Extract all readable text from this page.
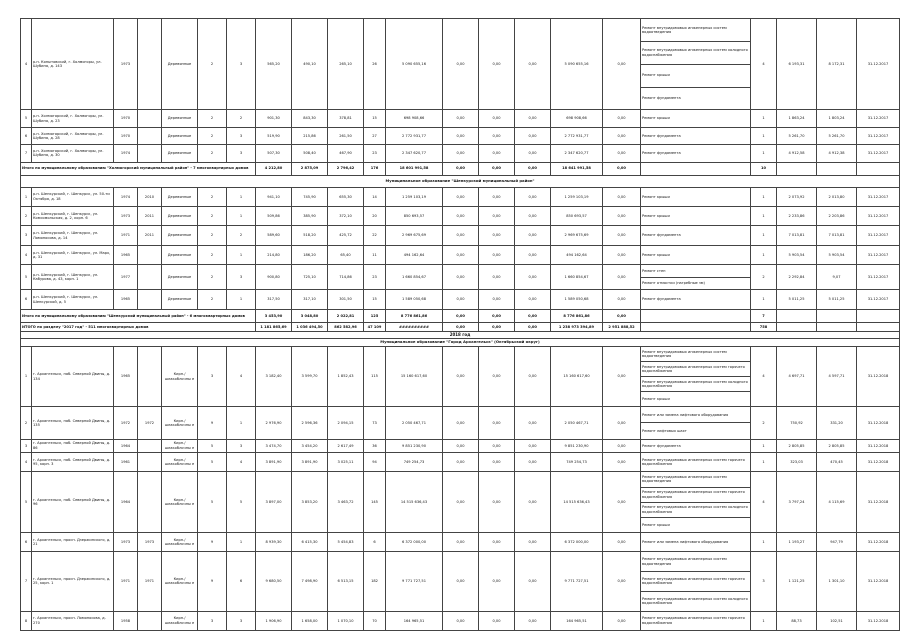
4	р.п. Копытовский, г. Холмогоры, ул. Шубина, д. 143	1973		Деревянные	2	3	565,20	490,10	265,10	26	5 090 655,16	0,00	0,00	0,00	5 090 655,16	0,00	Ремонт внутридомовых инженерных систем водоотведения
Ремонт внутридомовых инженерных систем холодного водоснабжения
Ремонт крыши
Ремонт фундамента	4	6 193,31	8 172,31	31.12.2017
5	р.п. Холмогорский, г. Холмогоры, ул. Шубина, д. 23	1970		Деревянные	2	2	901,30	843,30	378,81	15	698 908,66	0,00	0,00	0,00	698 908,66	0,00	Ремонт крыши	1	1 863,24	1 803,24	31.12.2017
6	р.п. Холмогорский, г. Холмогоры, ул. Шубина, д. 28	1970		Деревянные	2	3	519,90	215,86	261,50	27	2 772 931,77	0,00	0,00	0,00	2 772 931,77	0,00	Ремонт фундамента	1	5 261,70	5 261,70	31.12.2017
7	р.п. Холмогорский, г. Холмогоры, ул. Шубина, д. 30	1974		Деревянные	2	3	507,30	508,40	467,90	23	2 347 620,77	0,00	0,00	0,00	2 347 620,77	0,00	Ремонт фундамента	1	4 912,58	4 912,38	31.12.2017
Итого по муниципальному образованию "Холмогорский муниципальный район" - 7 многоквартирных домов							4 212,80	2 875,09	2 796,42	176	18 601 991,58	0,00	0,00	0,00	18 641 991,58	0,00		10			
Муниципальное образование "Шенкурский муниципальный район"																					
1	р.п. Шенкурский, г. Шенкурск, ул. 50-ти Октября, д. 18	1974	2010	Деревянные	2	1	941,10	745,90	655,30	14	1 259 103,19	0,00	0,00	0,00	1 259 103,19	0,00	Ремонт крыши	1	2 073,92	2 013,80	31.12.2017
2	р.п. Шенкурский, г. Шенкурск, ул. Комсомольская, д. 2, корп. 6	1973	2011	Деревянные	2	1	509,86	385,90	372,10	20	850 693,57	0,00	0,00	0,00	850 693,57	0,00	Ремонт крыши	1	2 233,86	2 203,86	31.12.2017
3	р.п. Шенкурский, г. Шенкурск, ул. Ломоносова, д. 14	1971	2011	Деревянные	2	2	589,60	518,20	425,72	22	2 969 675,69	0,00	0,00	0,00	2 969 675,69	0,00	Ремонт фундамента	1	7 013,81	7 013,81	31.12.2017
4	р.п. Шенкурский, г. Шенкурск, ул. Марх, д. 31	1965		Деревянные	2	1	214,80	186,20	65,40	11	494 162,64	0,00	0,00	0,00	494 162,64	0,00	Ремонт крыши	1	5 903,54	5 903,54	31.12.2017
5	р.п. Шенкурский, г. Шенкурск, ул. Кабурова, д. 43, корп. 1	1977		Деревянные	2	3	900,80	725,10	714,86	23	1 660 854,67	0,00	0,00	0,00	1 660 854,67	0,00	Ремонт стен
Ремонт отмостки (нагребные зм)	2	2 292,84	9,07	31.12.2017
6	р.п. Шенкурский, г. Шенкурск, ул. Шенкурской, д. 5	1965		Деревянные	2	1	317,50	317,10	301,50	15	1 589 050,68	0,00	0,00	0,00	1 589 050,68	0,00	Ремонт фундамента	1	5 011,25	5 011,25	31.12.2017
Итого по муниципальному образованию "Шенкурский муниципальный район" - 6 многоквартирных домов							3 453,90	3 048,80	2 022,81	125	8 776 861,86	0,00	0,00	0,00	8 776 861,86	0,00		7			
ИТОГО по разделу "2017 год" - 511 многоквартирных домов							1 181 865,69	1 036 494,50	862 582,96	47 109	##########	0,00	0,00	0,00	1 238 973 394,89	2 951 888,52		758			
2018 год																					
Муниципальное образование "Город Архангельск" (Октябрьский округ)																					
1	г. Архангельск, наб. Северной Двины, д. 134	1965		Кирп./ шлакоблочны е	3	4	3 182,40	3 599,70	1 852,43	115	15 160 617,60	0,00	0,00	0,00	15 160 617,60	0,00	Ремонт внутридомовых инженерных систем водоотведения
Ремонт внутридомовых инженерных систем горячего водоснабжения
Ремонт внутридомовых инженерных систем холодного водоснабжения
Ремонт крыши	4	4 697,71	4 597,71	31.12.2018
2	г. Архангельск, наб. Северной Двины, д. 135	1972	1972	Кирп./ шлакоблочны е	9	1	2 976,90	2 596,36	2 094,15	73	2 050 467,71	0,00	0,00	0,00	2 050 467,71	0,00	Ремонт или замена лифтового оборудования
Ремонт лифтовых шахт	2	750,92	331,20	31.12.2018
3	г. Архангельск, наб. Северной Двины, д. 86	1964		Кирп./ шлакоблочны е	5	3	3 474,70	3 454,20	2 617,49	36	9 851 230,90	0,00	0,00	0,00	9 851 230,90	0,00	Ремонт фундамента	1	2 805,85	2 805,85	31.12.2018
4	г. Архангельск, наб. Северной Двины, д. 95, корп. 3	1961		Кирп./ шлакоблочны е	5	4	3 891,90	3 891,90	3 025,11	94	749 254,73	0,00	0,00	0,00	749 254,73	0,00	Ремонт внутридомовых инженерных систем горячего водоснабжения	1	323,03	470,45	31.12.2018
5	г. Архангельск, наб. Северной Двины, д. 96	1964		Кирп./ шлакоблочны е	5	5	3 897,00	3 853,20	3 463,72	145	14 515 636,43	0,00	0,00	0,00	14 515 636,43	0,00	Ремонт внутридомовых инженерных систем водоотведения
Ремонт внутридомовых инженерных систем горячего водоснабжения
Ремонт внутридомовых инженерных систем холодного водоснабжения
Ремонт крыши	4	3 797,24	4 115,69	31.12.2018
6	г. Архангельск, просп. Дзержинского, д. 21	1973	1973	Кирп./ шлакоблочны е	9	1	8 939,30	6 415,30	5 454,83	6	6 372 000,00	0,00	0,00	0,00	6 372 000,00	0,00	Ремонт или замена лифтового оборудования	1	1 193,27	947,79	31.12.2018
7	г. Архангельск, просп. Дзержинского, д. 25, корп. 1	1971	1971	Кирп./ шлакоблочны е	9	6	9 680,50	7 498,90	6 513,15	182	9 771 727,51	0,00	0,00	0,00	9 771 727,51	0,00	Ремонт внутридомовых инженерных систем водоотведения
Ремонт внутридомовых инженерных систем горячего водоснабжения
Ремонт внутридомовых инженерных систем холодного водоснабжения	3	1 121,25	1 301,10	31.12.2018
8	г. Архангельск, просп. Ломоносова, д. 270	1958		Кирп./ шлакоблочны е	3	3	1 906,90	1 658,00	1 070,10	70	164 965,51	0,00	0,00	0,00	164 965,51	0,00	Ремонт внутридомовых инженерных систем горячего водоснабжения	1	88,73	102,51	31.12.2018
